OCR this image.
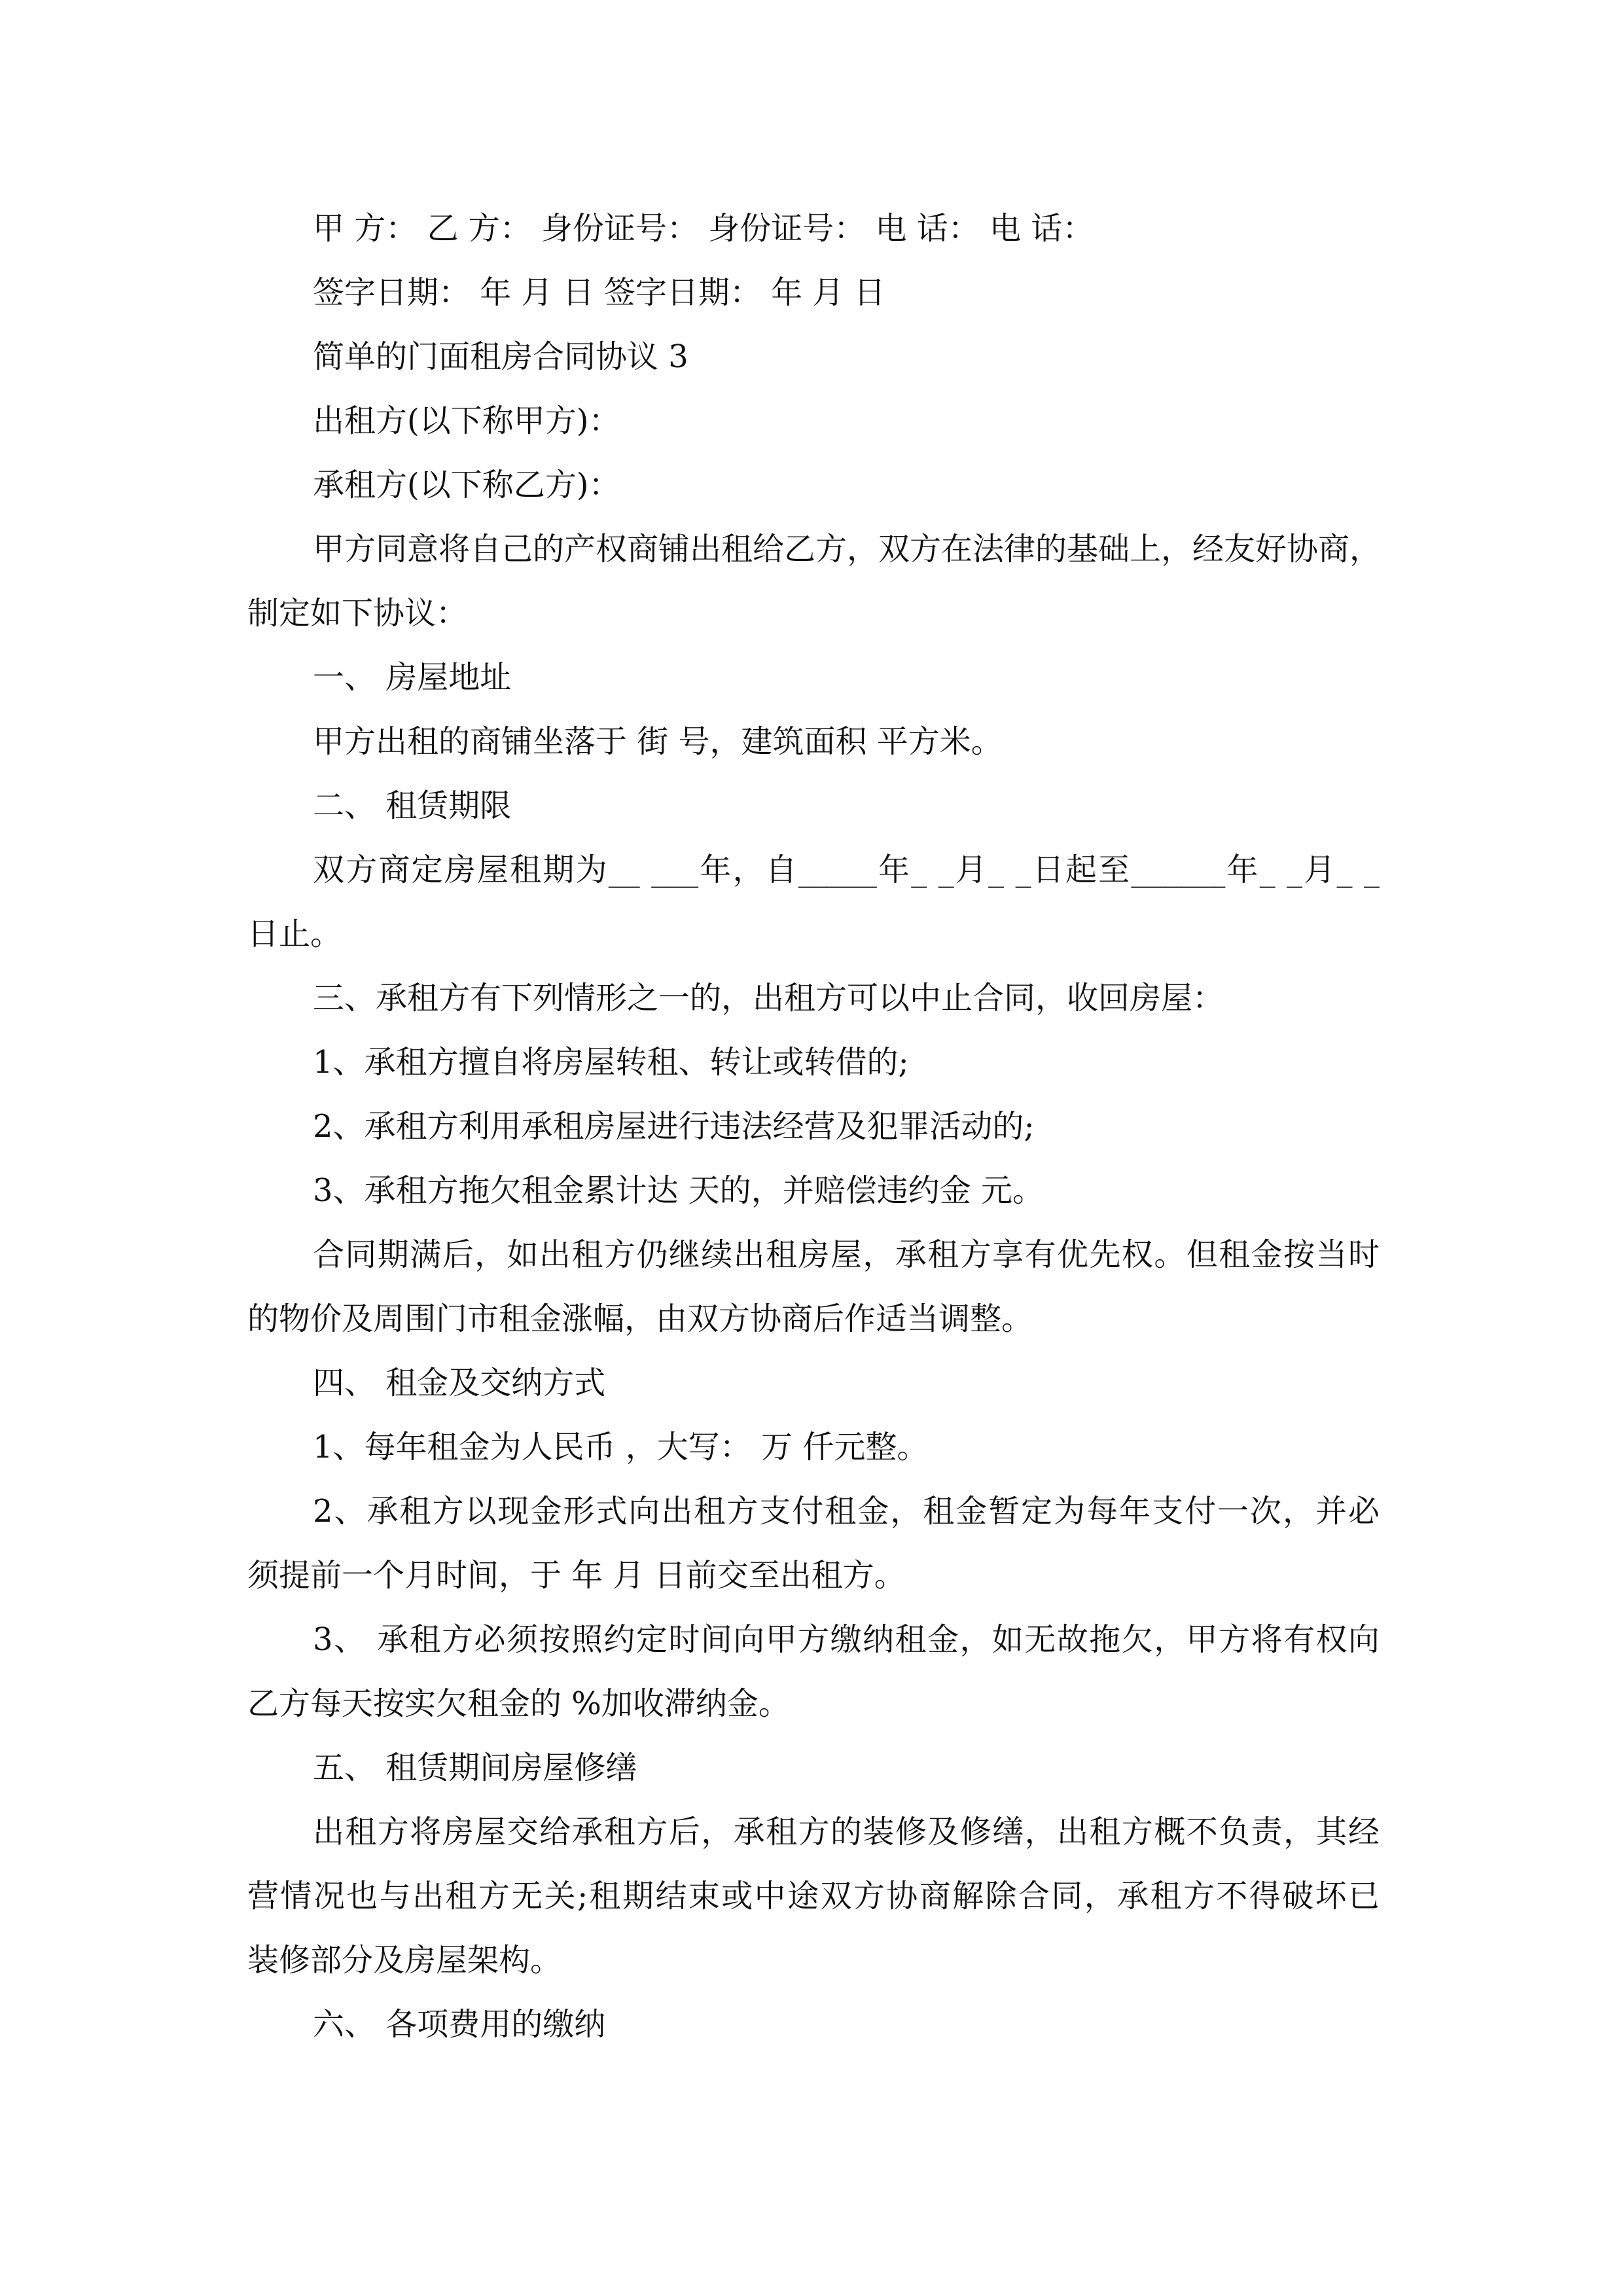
甲 方： 乙 方： 身份证号： 身份证号： 电 话： 电 话：
签字日期： 年 月 日 签字日期： 年 月 日
简单的门面租房合同协议 3
出租方(以下称甲方)：
承租方(以下称乙方)：
甲方同意将自己的产权商铺出租给乙方，双方在法律的基础上，经友好协商，
制定如下协议：
一、 房屋地址
甲方出租的商铺坐落于 街 号，建筑面积 平方米。
二、 租赁期限
双方商定房屋租期为__ ___年，自_____年_ _月_ _日起至______年_ _月_ _
日止。
三、承租方有下列情形之一的，出租方可以中止合同，收回房屋：
1、承租方擅自将房屋转租、转让或转借的;
2、承租方利用承租房屋进行违法经营及犯罪活动的;
3、承租方拖欠租金累计达 天的，并赔偿违约金 元。
合同期满后，如出租方仍继续出租房屋，承租方享有优先权。但租金按当时
的物价及周围门市租金涨幅，由双方协商后作适当调整。
四、 租金及交纳方式
1、每年租金为人民币 ，大写： 万 仟元整。
2、承租方以现金形式向出租方支付租金，租金暂定为每年支付一次，并必
须提前一个月时间，于 年 月 日前交至出租方。
3、 承租方必须按照约定时间向甲方缴纳租金，如无故拖欠，甲方将有权向
乙方每天按实欠租金的 %加收滞纳金。
五、 租赁期间房屋修缮
出租方将房屋交给承租方后，承租方的装修及修缮，出租方概不负责，其经
营情况也与出租方无关;租期结束或中途双方协商解除合同，承租方不得破坏已
装修部分及房屋架构。
六、 各项费用的缴纳
